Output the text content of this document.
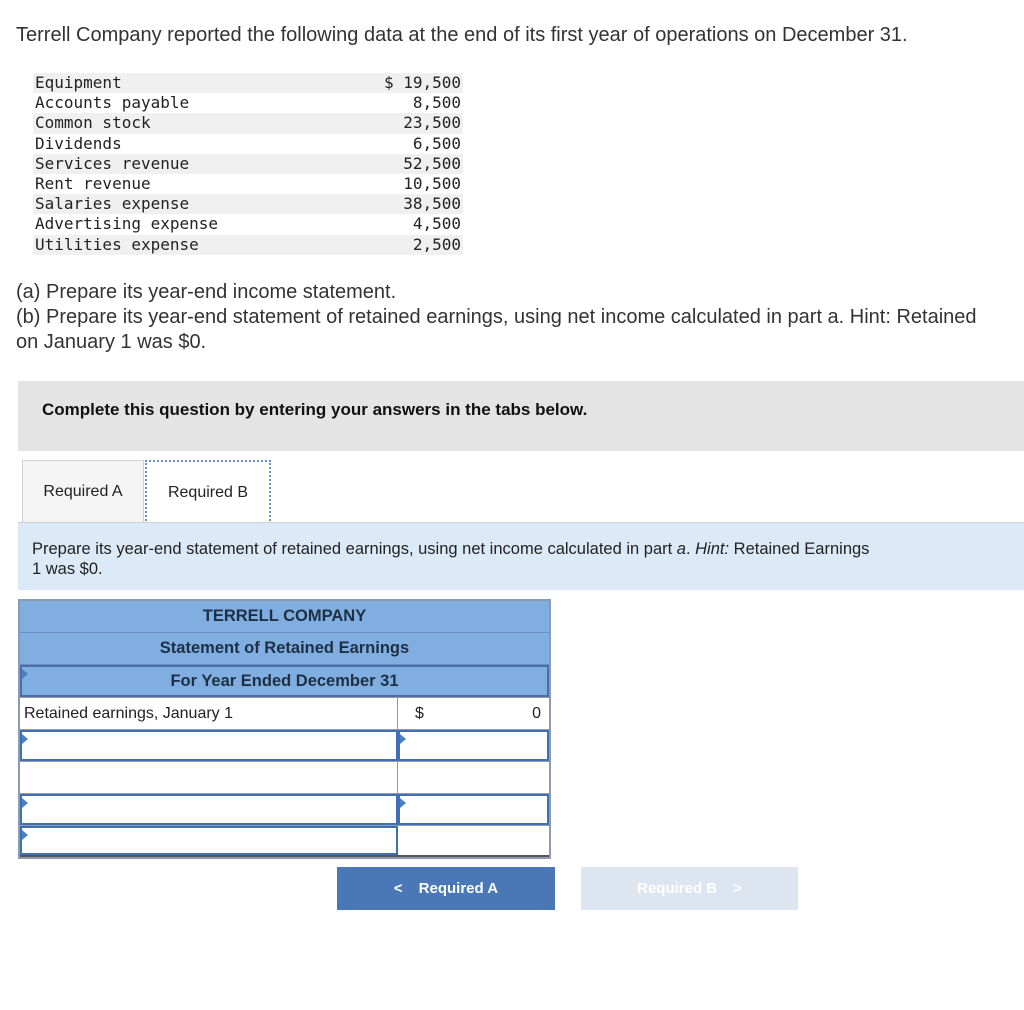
Terrell Company reported the following data at the end of its first year of operations on December 31.
Equipment	$ 19,500
Accounts payable	8,500
Common stock	23,500
Dividends	6,500
Services revenue	52,500
Rent revenue	10,500
Salaries expense	38,500
Advertising expense	4,500
Utilities expense	2,500
(a) Prepare its year-end income statement.
(b) Prepare its year-end statement of retained earnings, using net income calculated in part a. Hint: Retained
on January 1 was $0.
Complete this question by entering your answers in the tabs below.
Required A	Required B

Prepare its year-end statement of retained earnings, using net income calculated in part a. Hint: Retained Earnings
1 was $0.

TERRELL COMPANY
Statement of Retained Earnings
For Year Ended December 31
Retained earnings, January 1	$	0
< Required A	Required B >
